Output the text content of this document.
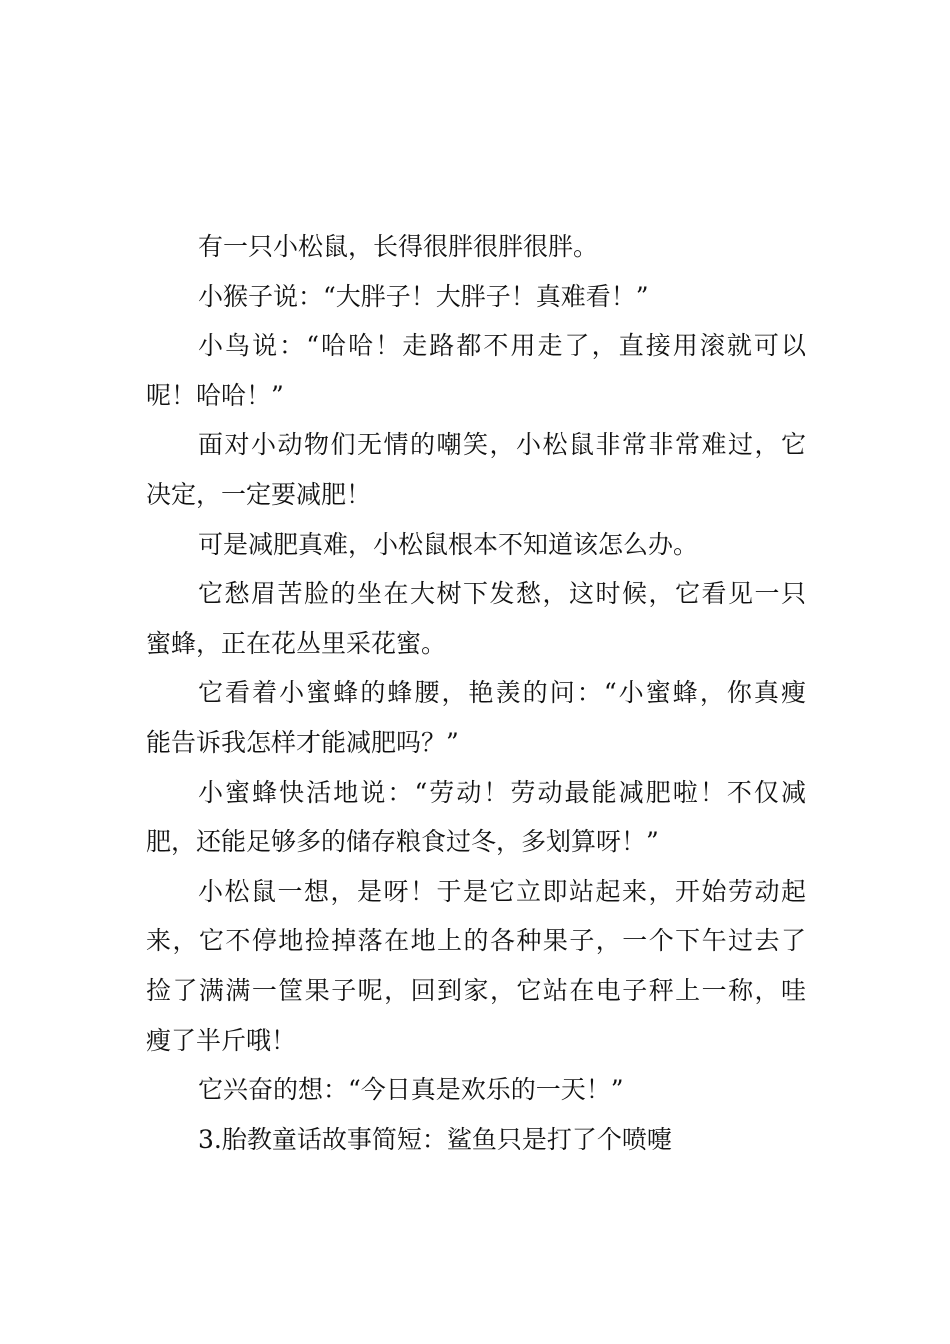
有一只小松鼠，长得很胖很胖很胖。
小猴子说：“大胖子！大胖子！真难看！”
小鸟说：“哈哈！走路都不用走了，直接用滚就可以
呢！哈哈！”
面对小动物们无情的嘲笑，小松鼠非常非常难过，它
决定，一定要减肥！
可是减肥真难，小松鼠根本不知道该怎么办。
它愁眉苦脸的坐在大树下发愁，这时候，它看见一只
蜜蜂，正在花丛里采花蜜。
它看着小蜜蜂的蜂腰，艳羡的问：“小蜜蜂，你真瘦
能告诉我怎样才能减肥吗？”
小蜜蜂快活地说：“劳动！劳动最能减肥啦！不仅减
肥，还能足够多的储存粮食过冬，多划算呀！”
小松鼠一想，是呀！于是它立即站起来，开始劳动起
来，它不停地捡掉落在地上的各种果子，一个下午过去了
捡了满满一筐果子呢，回到家，它站在电子秤上一称，哇
瘦了半斤哦！
它兴奋的想：“今日真是欢乐的一天！”
3.胎教童话故事简短：鲨鱼只是打了个喷嚏
